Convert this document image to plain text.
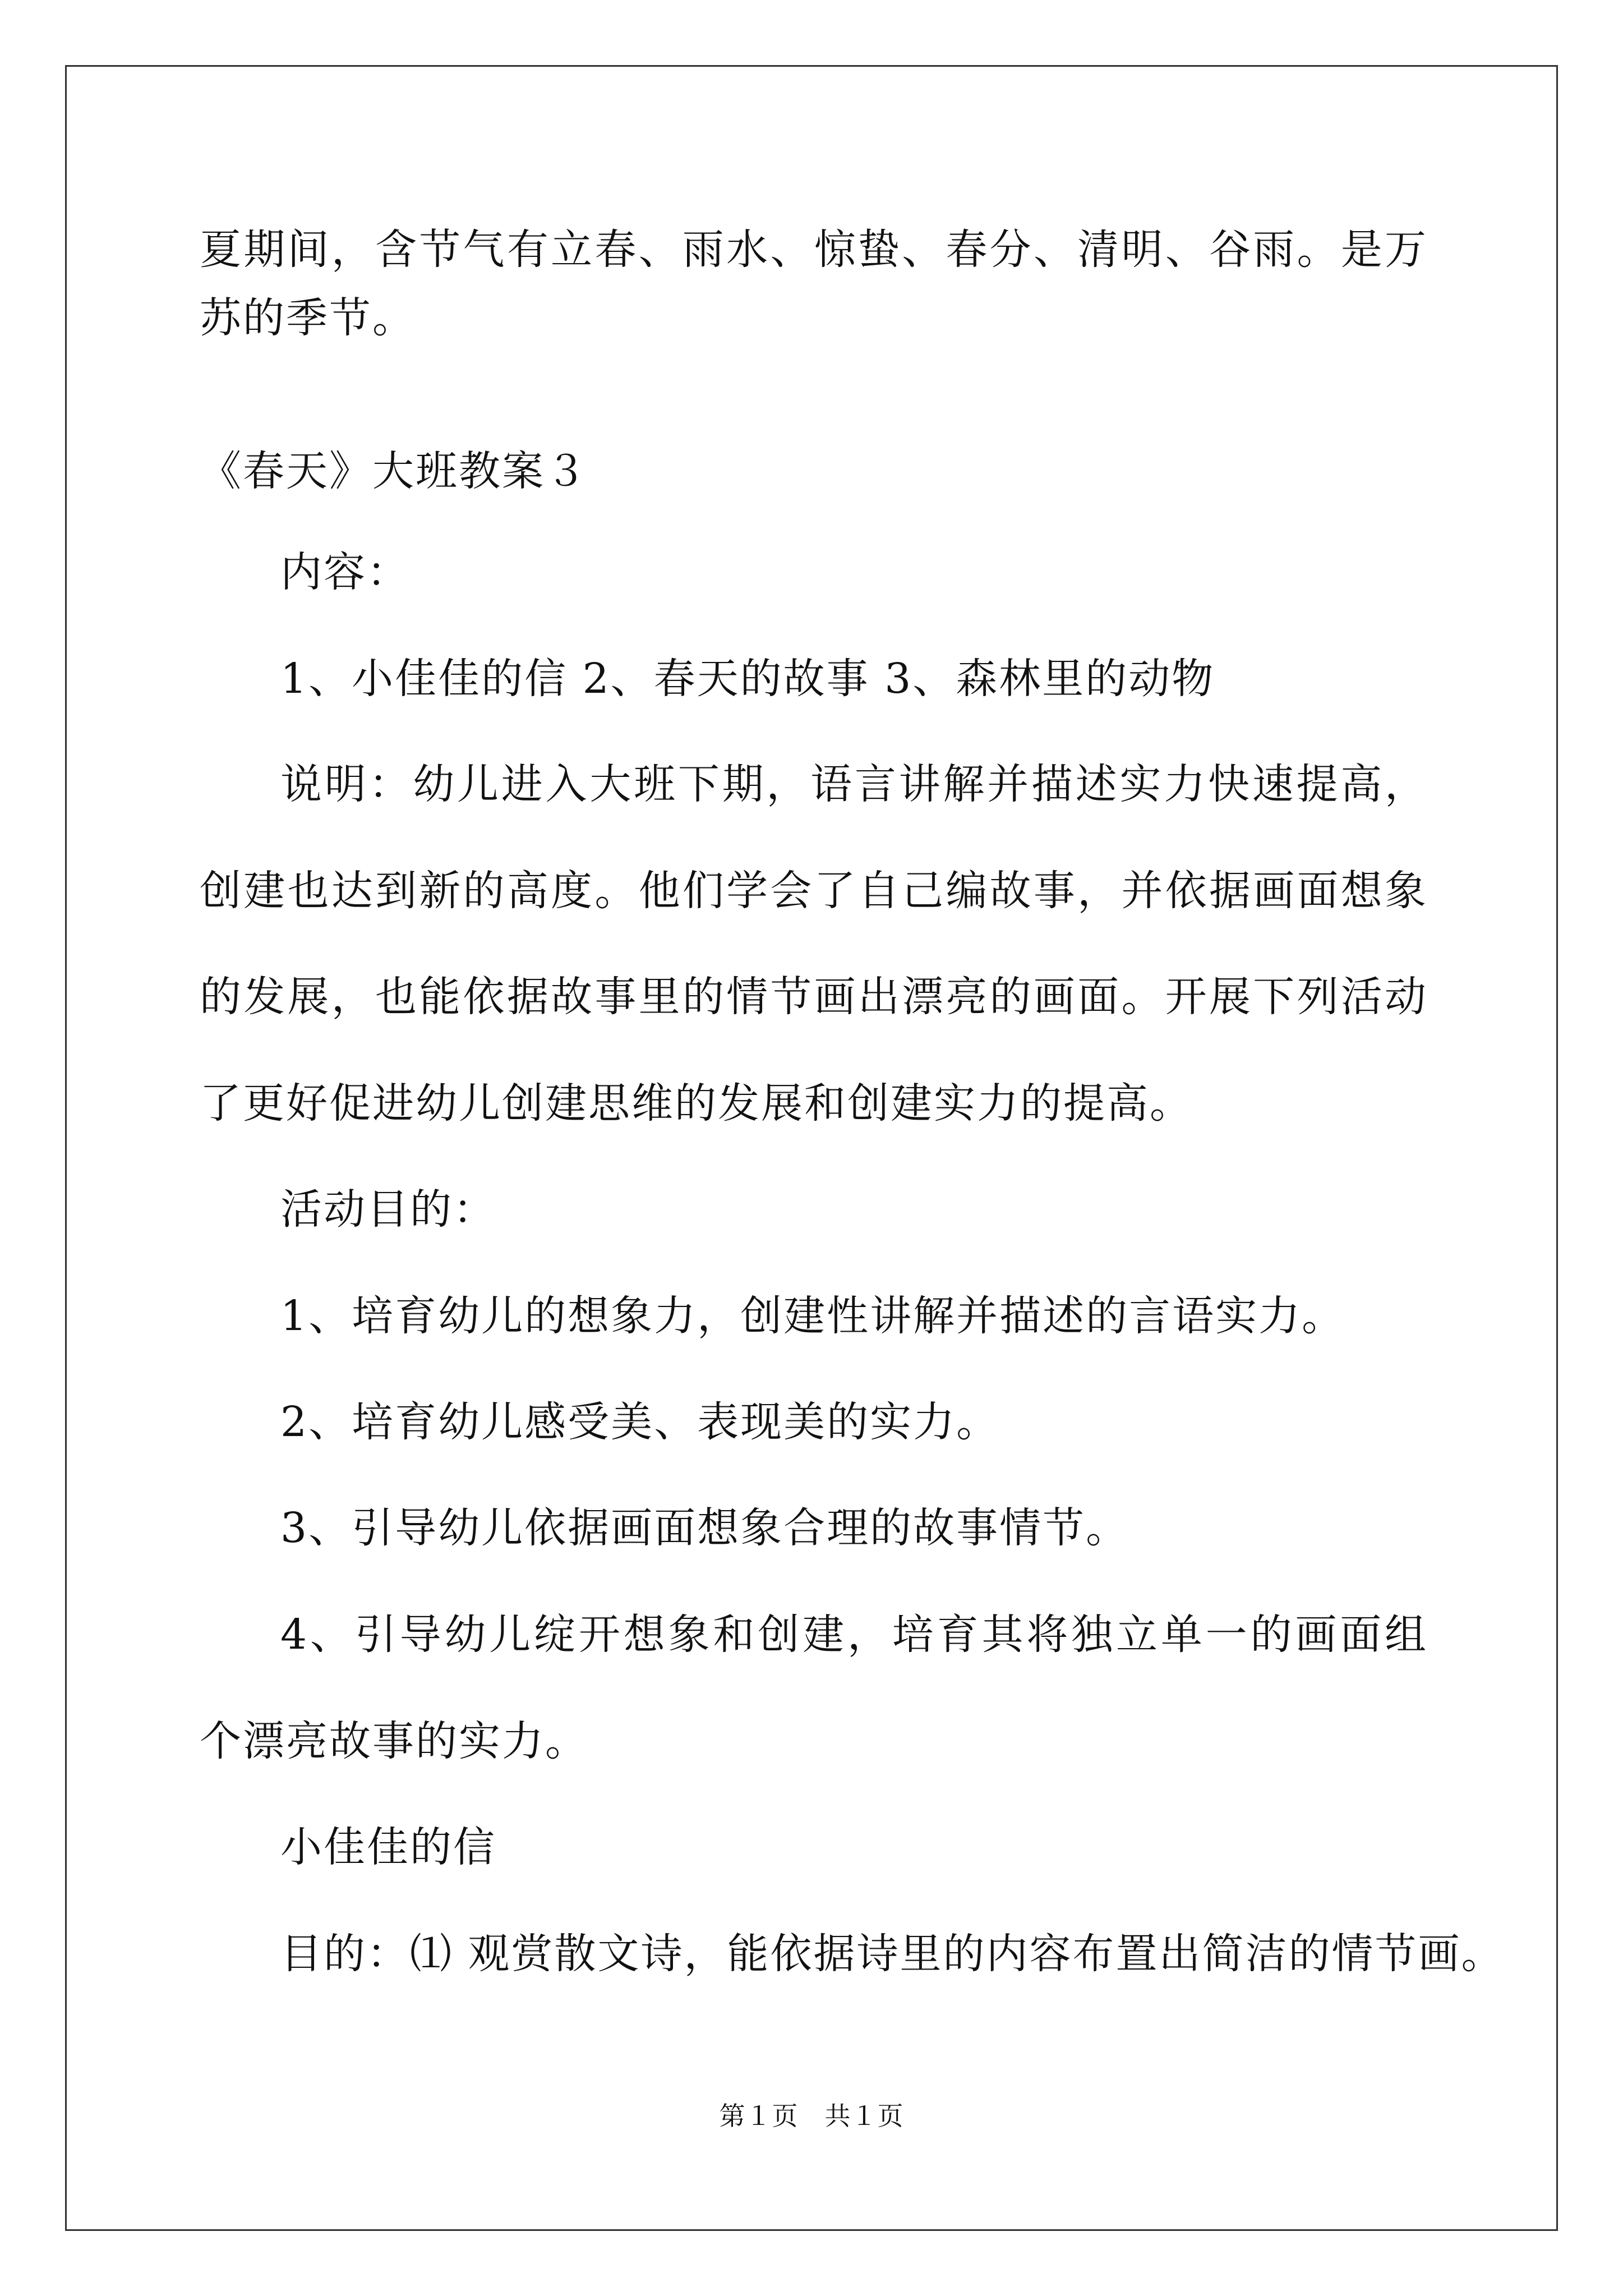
夏期间，含节气有立春、雨水、惊蛰、春分、清明、谷雨。是万
苏的季节。
《春天》大班教案３
内容：
1、小佳佳的信 2、春天的故事 3、森林里的动物
说明：幼儿进入大班下期，语言讲解并描述实力快速提高，
创建也达到新的高度。他们学会了自己编故事，并依据画面想象
的发展，也能依据故事里的情节画出漂亮的画面。开展下列活动
了更好促进幼儿创建思维的发展和创建实力的提高。
活动目的：
1、培育幼儿的想象力，创建性讲解并描述的言语实力。
2、培育幼儿感受美、表现美的实力。
3、引导幼儿依据画面想象合理的故事情节。
4、引导幼儿绽开想象和创建，培育其将独立单一的画面组
个漂亮故事的实力。
小佳佳的信
目的：⑴ 观赏散文诗，能依据诗里的内容布置出简洁的情节画。
第１页　共１页
